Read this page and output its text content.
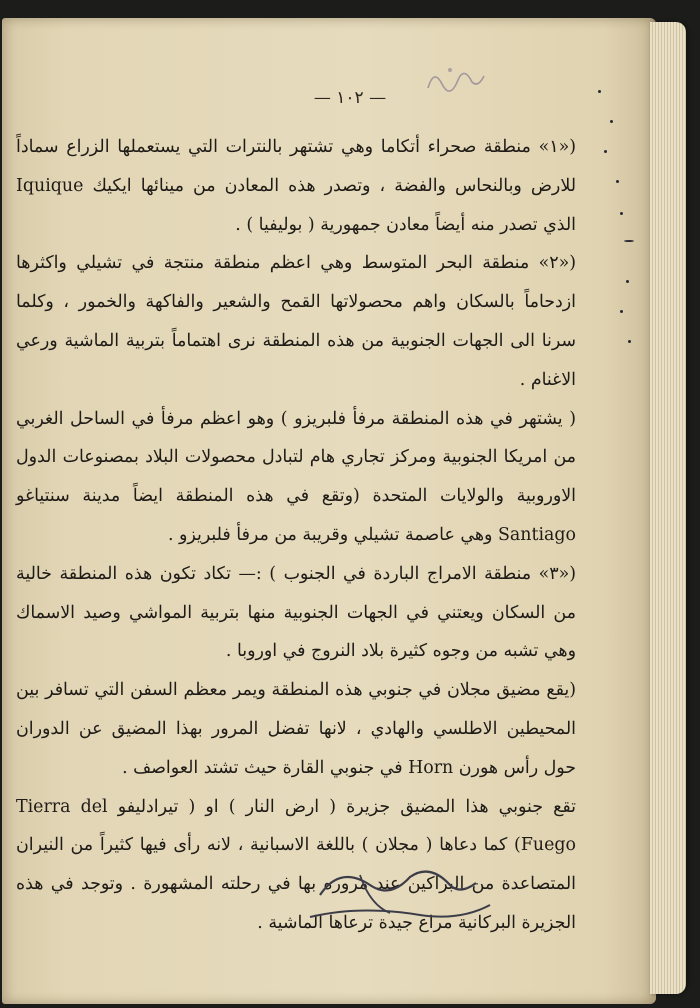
— ١٠٢ —

(«١» منطقة صحراء أتكاما وهي تشتهر بالنترات التي يستعملها الزراع سماداً للارض وبالنحاس والفضة ، وتصدر هذه المعادن من مينائها ايكيك Iquique الذي تصدر منه أيضاً معادن جمهورية ( بوليفيا ) .

(«٢» منطقة البحر المتوسط وهي اعظم منطقة منتجة في تشيلي واكثرها ازدحاماً بالسكان واهم محصولاتها القمح والشعير والفاكهة والخمور ، وكلما سرنا الى الجهات الجنوبية من هذه المنطقة نرى اهتماماً بتربية الماشية ورعي الاغنام .

( يشتهر في هذه المنطقة مرفأ فلبريزو ) وهو اعظم مرفأ في الساحل الغربي من امريكا الجنوبية ومركز تجاري هام لتبادل محصولات البلاد بمصنوعات الدول الاوروبية والولايات المتحدة (وتقع في هذه المنطقة ايضاً مدينة سنتياغو Santiago وهي عاصمة تشيلي وقريبة من مرفأ فلبريزو .

(«٣» منطقة الامراج الباردة في الجنوب ) :— تكاد تكون هذه المنطقة خالية من السكان ويعتني في الجهات الجنوبية منها بتربية المواشي وصيد الاسماك وهي تشبه من وجوه كثيرة بلاد النروج في اوروبا .

(يقع مضيق مجلان في جنوبي هذه المنطقة ويمر معظم السفن التي تسافر بين المحيطين الاطلسي والهادي ، لانها تفضل المرور بهذا المضيق عن الدوران حول رأس هورن Horn في جنوبي القارة حيث تشتد العواصف .

تقع جنوبي هذا المضيق جزيرة ( ارض النار ) او ( تيرادليفو Tierra del Fuego) كما دعاها ( مجلان ) باللغة الاسبانية ، لانه رأى فيها كثيراً من النيران المتصاعدة من البراكين عند مروره بها في رحلته المشهورة . وتوجد في هذه الجزيرة البركانية مراع جيدة ترعاها الماشية .
